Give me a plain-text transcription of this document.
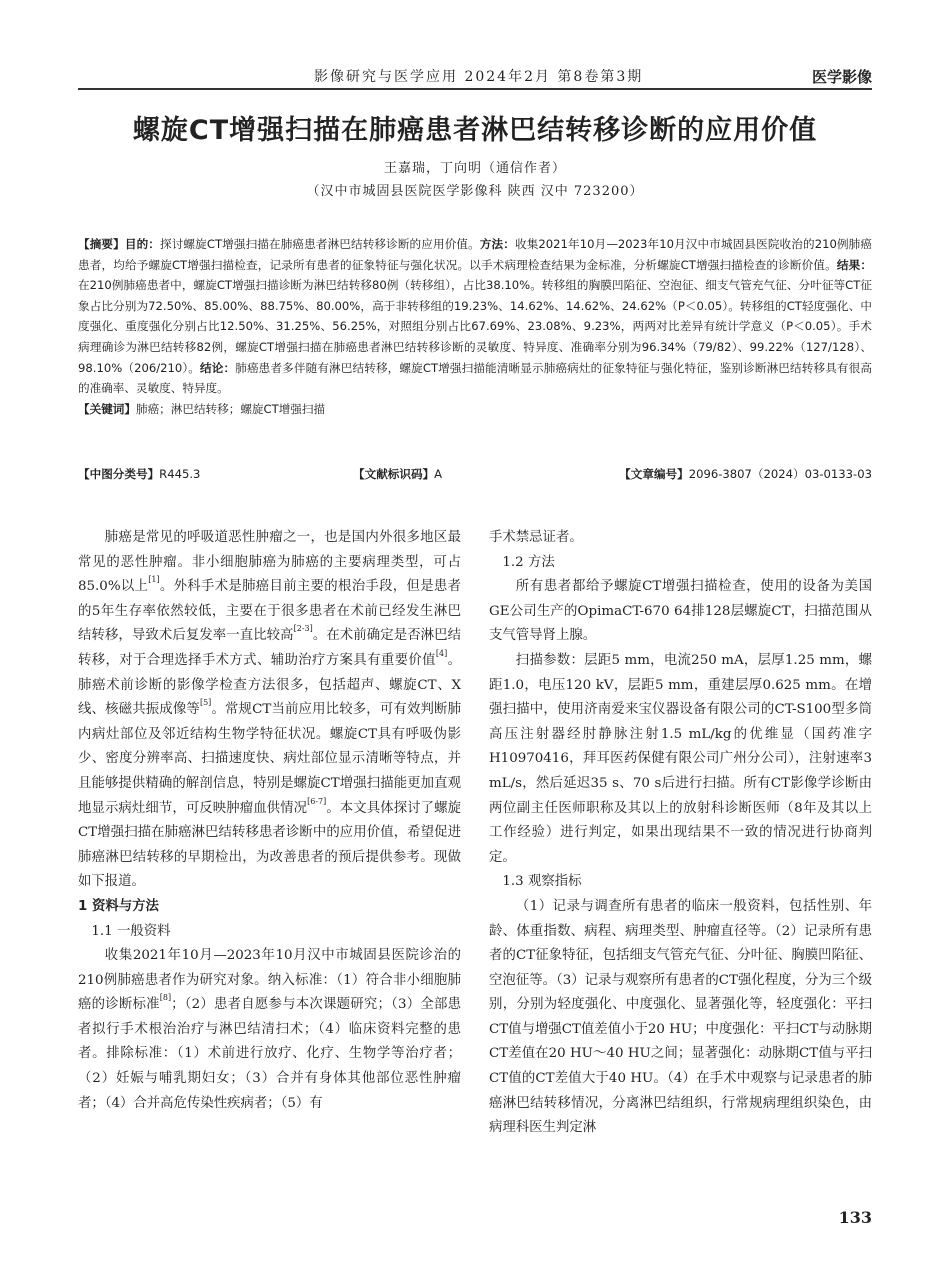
影像研究与医学应用 2024年2月 第8卷第3期	医学影像
螺旋CT增强扫描在肺癌患者淋巴结转移诊断的应用价值
王嘉瑞，丁向明（通信作者）
（汉中市城固县医院医学影像科 陕西 汉中 723200）
【摘要】目的：探讨螺旋CT增强扫描在肺癌患者淋巴结转移诊断的应用价值。方法：收集2021年10月—2023年10月汉中市城固县医院收治的210例肺癌患者，均给予螺旋CT增强扫描检查，记录所有患者的征象特征与强化状况。以手术病理检查结果为金标准，分析螺旋CT增强扫描检查的诊断价值。结果：在210例肺癌患者中，螺旋CT增强扫描诊断为淋巴结转移80例（转移组），占比38.10%。转移组的胸膜凹陷征、空泡征、细支气管充气征、分叶征等CT征象占比分别为72.50%、85.00%、88.75%、80.00%，高于非转移组的19.23%、14.62%、14.62%、24.62%（P＜0.05）。转移组的CT轻度强化、中度强化、重度强化分别占比12.50%、31.25%、56.25%，对照组分别占比67.69%、23.08%、9.23%，两两对比差异有统计学意义（P＜0.05）。手术病理确诊为淋巴结转移82例，螺旋CT增强扫描在肺癌患者淋巴结转移诊断的灵敏度、特异度、准确率分别为96.34%（79/82）、99.22%（127/128）、98.10%（206/210）。结论：肺癌患者多伴随有淋巴结转移，螺旋CT增强扫描能清晰显示肺癌病灶的征象特征与强化特征，鉴别诊断淋巴结转移具有很高的准确率、灵敏度、特异度。
【关键词】肺癌；淋巴结转移；螺旋CT增强扫描
【中图分类号】R445.3	【文献标识码】A	【文章编号】2096-3807（2024）03-0133-03

肺癌是常见的呼吸道恶性肿瘤之一，也是国内外很多地区最常见的恶性肿瘤。非小细胞肺癌为肺癌的主要病理类型，可占85.0%以上[1]。外科手术是肺癌目前主要的根治手段，但是患者的5年生存率依然较低，主要在于很多患者在术前已经发生淋巴结转移，导致术后复发率一直比较高[2-3]。在术前确定是否淋巴结转移，对于合理选择手术方式、辅助治疗方案具有重要价值[4]。肺癌术前诊断的影像学检查方法很多，包括超声、螺旋CT、X线、核磁共振成像等[5]。常规CT当前应用比较多，可有效判断肺内病灶部位及邻近结构生物学特征状况。螺旋CT具有呼吸伪影少、密度分辨率高、扫描速度快、病灶部位显示清晰等特点，并且能够提供精确的解剖信息，特别是螺旋CT增强扫描能更加直观地显示病灶细节，可反映肿瘤血供情况[6-7]。本文具体探讨了螺旋CT增强扫描在肺癌淋巴结转移患者诊断中的应用价值，希望促进肺癌淋巴结转移的早期检出，为改善患者的预后提供参考。现做如下报道。

1 资料与方法

1.1 一般资料

收集2021年10月—2023年10月汉中市城固县医院诊治的210例肺癌患者作为研究对象。纳入标准：（1）符合非小细胞肺癌的诊断标准[8]；（2）患者自愿参与本次课题研究；（3）全部患者拟行手术根治治疗与淋巴结清扫术；（4）临床资料完整的患者。排除标准：（1）术前进行放疗、化疗、生物学等治疗者；（2）妊娠与哺乳期妇女；（3）合并有身体其他部位恶性肿瘤者；（4）合并高危传染性疾病者；（5）有

手术禁忌证者。

1.2 方法

所有患者都给予螺旋CT增强扫描检查，使用的设备为美国GE公司生产的OpimaCT-670 64排128层螺旋CT，扫描范围从支气管导肾上腺。

扫描参数：层距5 mm，电流250 mA，层厚1.25 mm，螺距1.0，电压120 kV，层距5 mm，重建层厚0.625 mm。在增强扫描中，使用济南爱来宝仪器设备有限公司的CT-S100型多筒高压注射器经肘静脉注射1.5 mL/kg的优维显（国药准字H10970416，拜耳医药保健有限公司广州分公司），注射速率3 mL/s，然后延迟35 s、70 s后进行扫描。所有CT影像学诊断由两位副主任医师职称及其以上的放射科诊断医师（8年及其以上工作经验）进行判定，如果出现结果不一致的情况进行协商判定。

1.3 观察指标

（1）记录与调查所有患者的临床一般资料，包括性别、年龄、体重指数、病程、病理类型、肿瘤直径等。（2）记录所有患者的CT征象特征，包括细支气管充气征、分叶征、胸膜凹陷征、空泡征等。（3）记录与观察所有患者的CT强化程度，分为三个级别，分别为轻度强化、中度强化、显著强化等，轻度强化：平扫CT值与增强CT值差值小于20 HU；中度强化：平扫CT与动脉期CT差值在20 HU～40 HU之间；显著强化：动脉期CT值与平扫CT值的CT差值大于40 HU。（4）在手术中观察与记录患者的肺癌淋巴结转移情况，分离淋巴结组织，行常规病理组织染色，由病理科医生判定淋

133
